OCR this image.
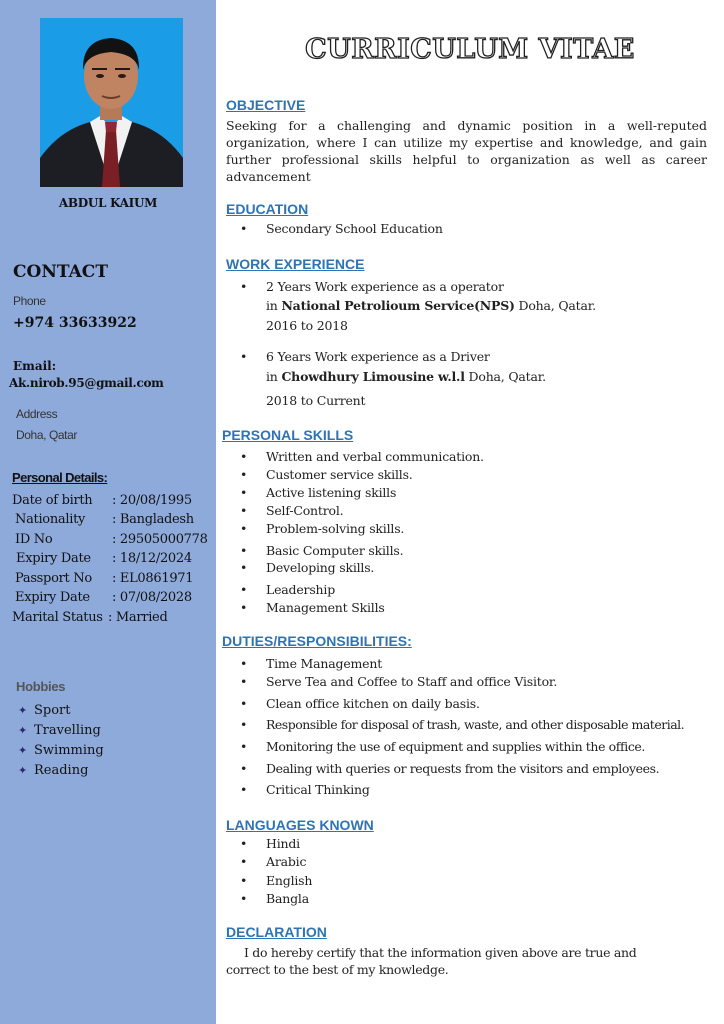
ABDUL KAIUM
CONTACT
Phone
+974 33633922
Email:
Ak.nirob.95@gmail.com
Address
Doha, Qatar
Personal Details:
Date of birth : 20/08/1995
Nationality : Bangladesh
ID No	: 29505000778
Expiry Date : 18/12/2024
Passport No : EL0861971
Expiry Date : 07/08/2028
Marital Status : Married
Hobbies
✦ Sport
✦ Travelling
✦ Swimming
✦ Reading
CURRICULUM VITAE
OBJECTIVE
Seeking for a challenging and dynamic position in a well-reputed organization, where I can utilize my expertise and knowledge, and gain further professional skills helpful to organization as well as career advancement
EDUCATION
• Secondary School Education
WORK EXPERIENCE
• 2 Years Work experience as a operator
in National Petrolioum Service(NPS) Doha, Qatar.
2016 to 2018
• 6 Years Work experience as a Driver
in Chowdhury Limousine w.l.l Doha, Qatar.
2018 to Current
PERSONAL SKILLS
• Written and verbal communication.
• Customer service skills.
• Active listening skills
• Self-Control.
• Problem-solving skills.
• Basic Computer skills.
• Developing skills.
• Leadership
• Management Skills
DUTIES/RESPONSIBILITIES:
• Time Management
• Serve Tea and Coffee to Staff and office Visitor.
• Clean office kitchen on daily basis.
• Responsible for disposal of trash, waste, and other disposable material.
• Monitoring the use of equipment and supplies within the office.
• Dealing with queries or requests from the visitors and employees.
• Critical Thinking
LANGUAGES KNOWN
• Hindi
• Arabic
• English
• Bangla
DECLARATION
I do hereby certify that the information given above are true and
correct to the best of my knowledge.
